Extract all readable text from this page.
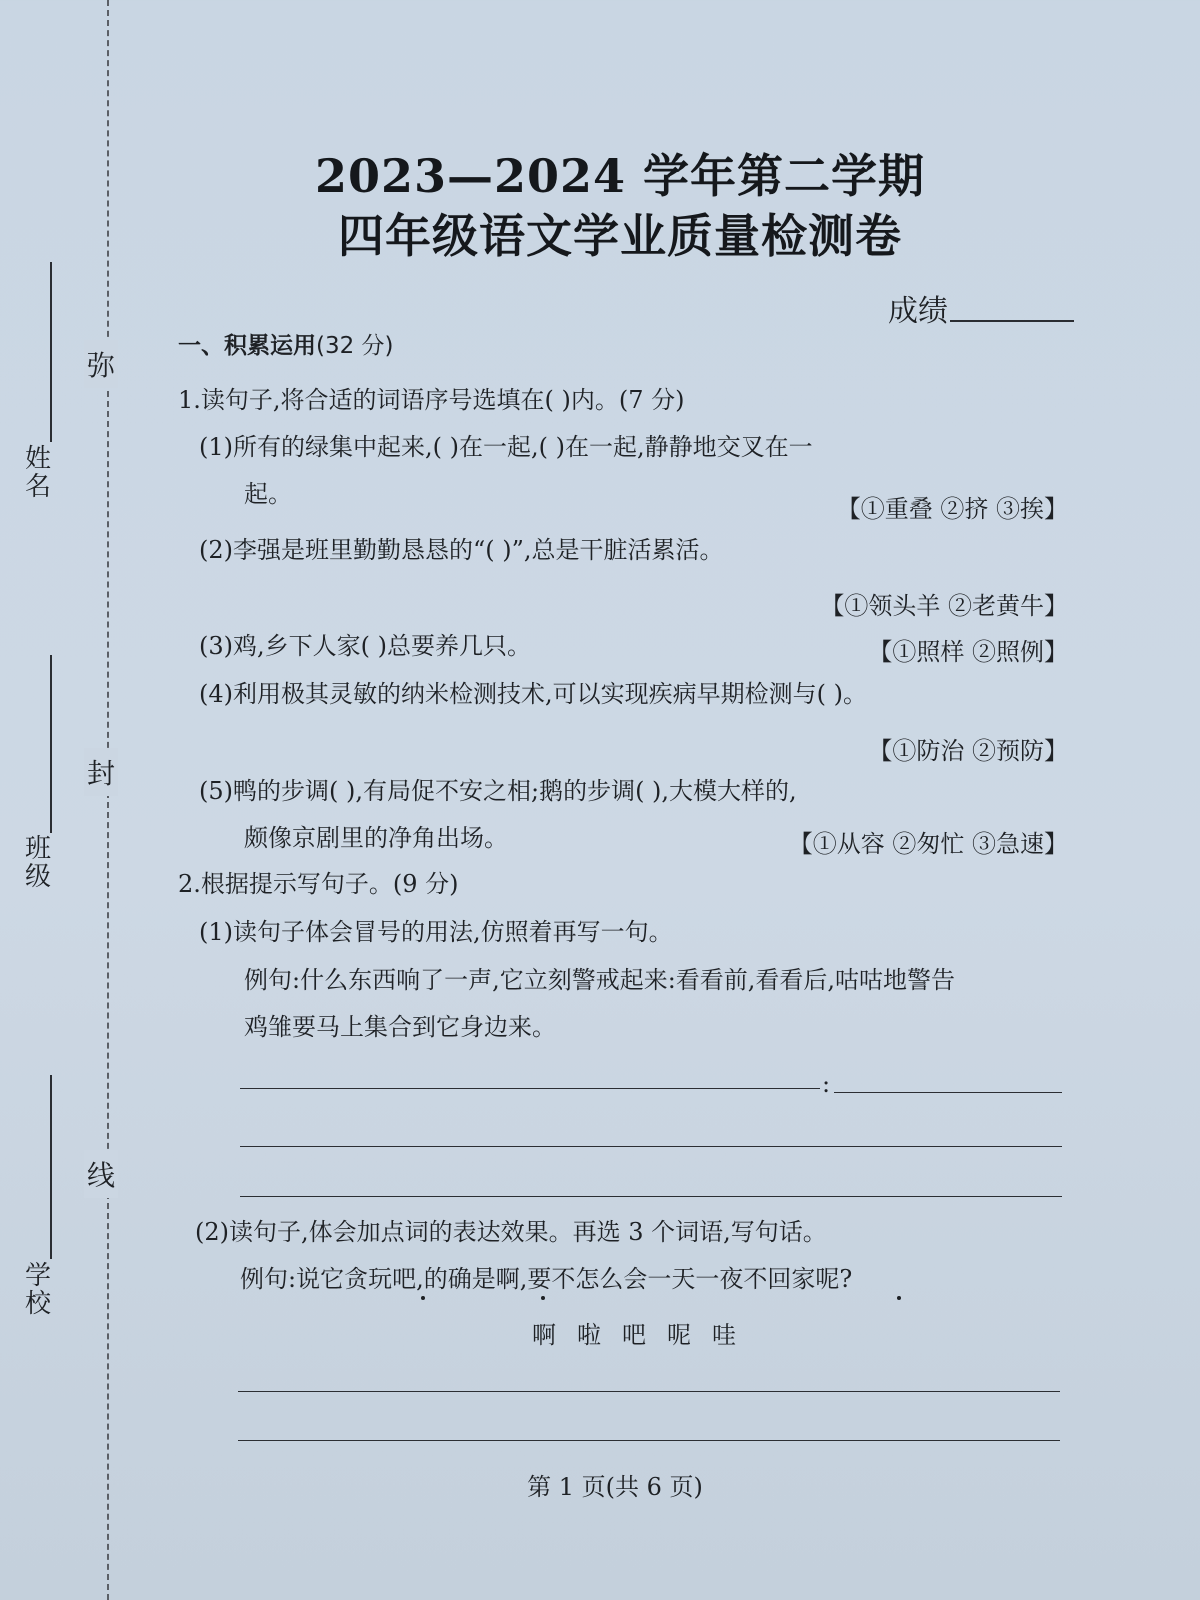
姓名
班级
学校
弥
封
线
2023—2024 学年第二学期
四年级语文学业质量检测卷
成绩
一、积累运用(32 分)
1.读句子,将合适的词语序号选填在( )内。(7 分)
(1)所有的绿集中起来,( )在一起,( )在一起,静静地交叉在一
起。
【①重叠 ②挤 ③挨】
(2)李强是班里勤勤恳恳的“( )”,总是干脏活累活。
【①领头羊 ②老黄牛】
(3)鸡,乡下人家( )总要养几只。	【①照样 ②照例】
(4)利用极其灵敏的纳米检测技术,可以实现疾病早期检测与( )。
【①防治 ②预防】
(5)鸭的步调( ),有局促不安之相;鹅的步调( ),大模大样的,
颇像京剧里的净角出场。	【①从容 ②匆忙 ③急速】
2.根据提示写句子。(9 分)
(1)读句子体会冒号的用法,仿照着再写一句。
例句:什么东西响了一声,它立刻警戒起来:看看前,看看后,咕咕地警告
鸡雏要马上集合到它身边来。
:
(2)读句子,体会加点词的表达效果。再选 3 个词语,写句话。
例句:说它贪玩吧,的确是啊,要不怎么会一天一夜不回家呢?
啊 啦 吧 呢 哇
第 1 页(共 6 页)
